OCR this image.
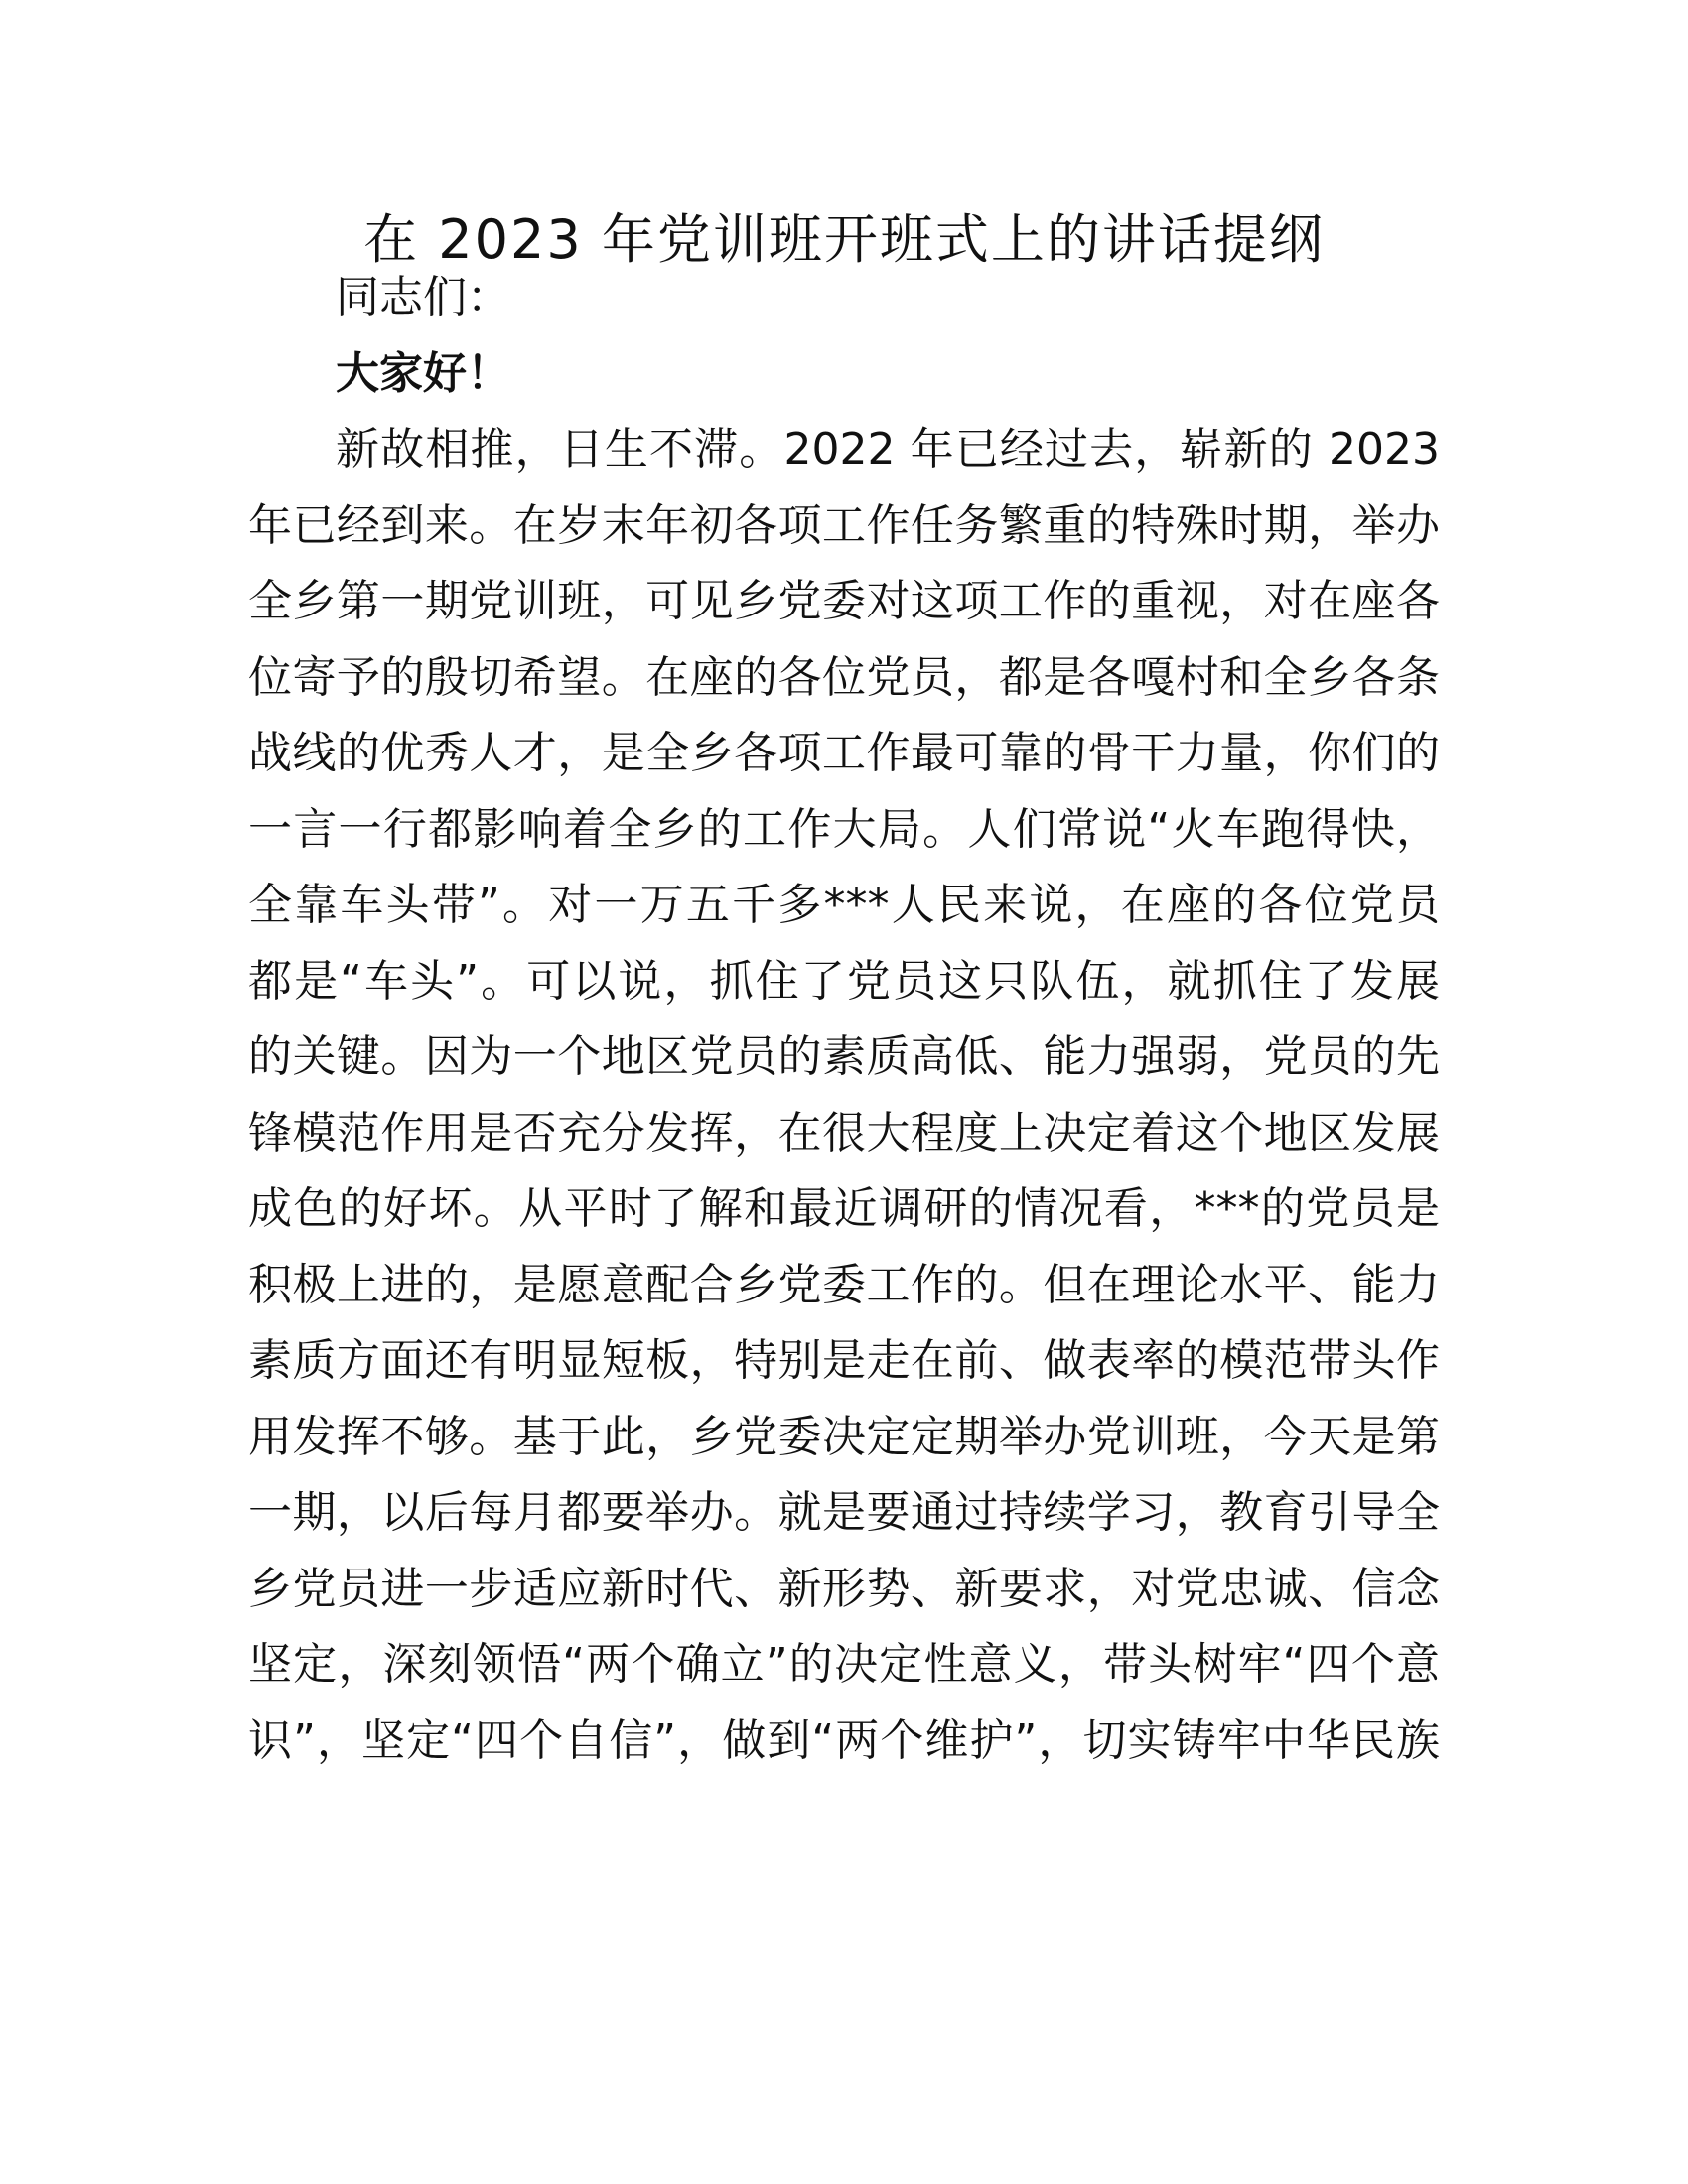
在 2023 年党训班开班式上的讲话提纲
同志们：
大家好！
新故相推，日生不滞。2022 年已经过去，崭新的 2023
年已经到来。在岁末年初各项工作任务繁重的特殊时期，举办
全乡第一期党训班，可见乡党委对这项工作的重视，对在座各
位寄予的殷切希望。在座的各位党员，都是各嘎村和全乡各条
战线的优秀人才，是全乡各项工作最可靠的骨干力量，你们的
一言一行都影响着全乡的工作大局。人们常说“火车跑得快，
全靠车头带”。对一万五千多***人民来说，在座的各位党员
都是“车头”。可以说，抓住了党员这只队伍，就抓住了发展
的关键。因为一个地区党员的素质高低、能力强弱，党员的先
锋模范作用是否充分发挥，在很大程度上决定着这个地区发展
成色的好坏。从平时了解和最近调研的情况看，***的党员是
积极上进的，是愿意配合乡党委工作的。但在理论水平、能力
素质方面还有明显短板，特别是走在前、做表率的模范带头作
用发挥不够。基于此，乡党委决定定期举办党训班，今天是第
一期，以后每月都要举办。就是要通过持续学习，教育引导全
乡党员进一步适应新时代、新形势、新要求，对党忠诚、信念
坚定，深刻领悟“两个确立”的决定性意义，带头树牢“四个意
识”，坚定“四个自信”，做到“两个维护”，切实铸牢中华民族
